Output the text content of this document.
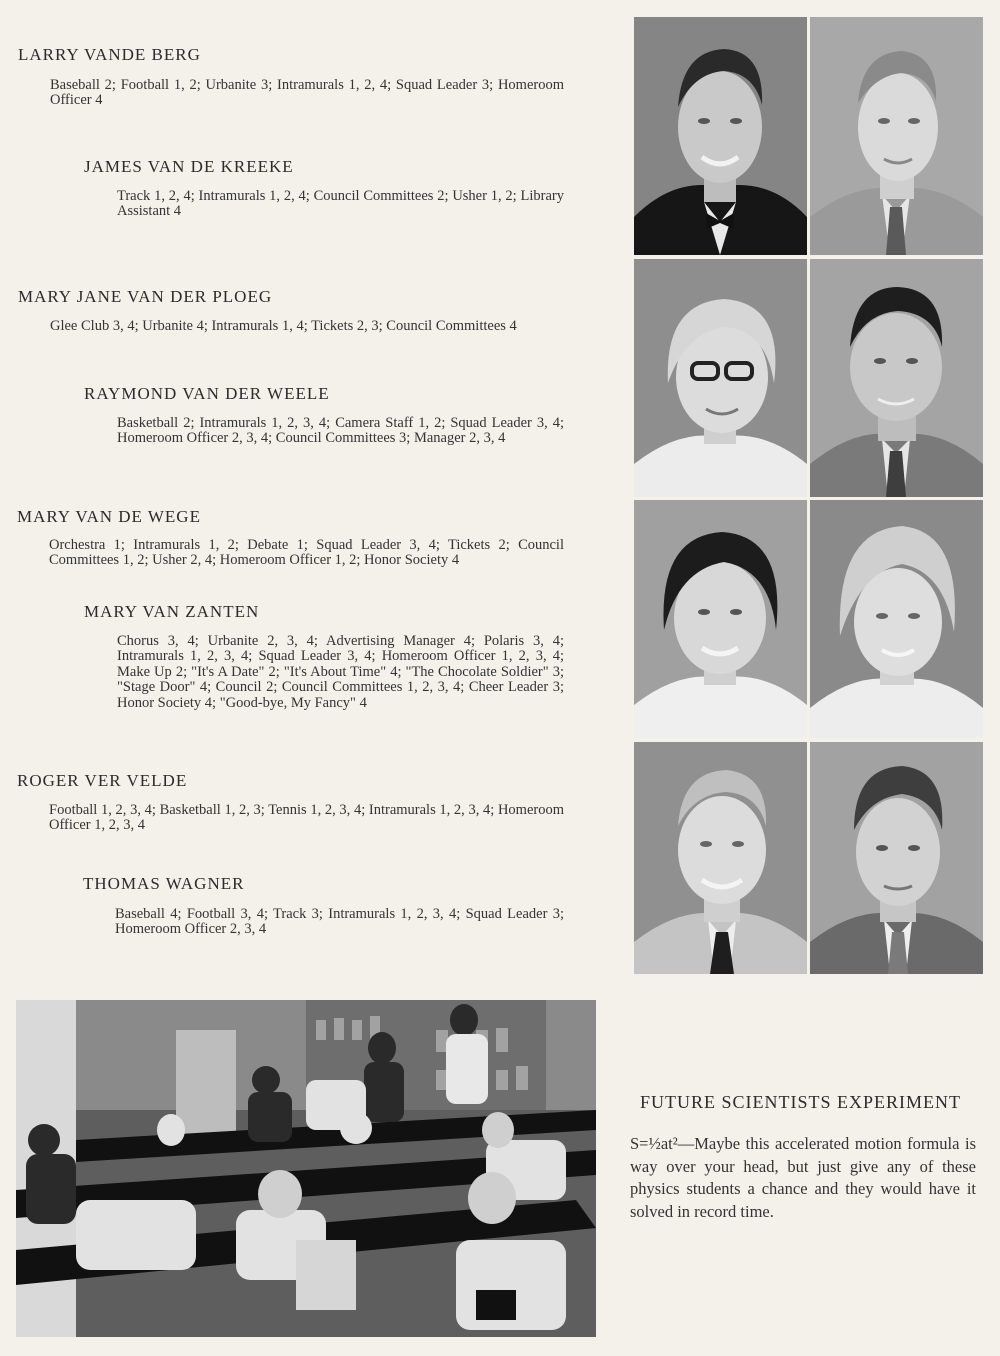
LARRY VANDE BERG
Baseball 2; Football 1, 2; Urbanite 3; Intramurals 1, 2, 4; Squad Leader 3; Homeroom Officer 4
JAMES VAN DE KREEKE
Track 1, 2, 4; Intramurals 1, 2, 4; Council Committees 2; Usher 1, 2; Library Assistant 4
MARY JANE VAN DER PLOEG
Glee Club 3, 4; Urbanite 4; Intramurals 1, 4; Tickets 2, 3; Council Committees 4
RAYMOND VAN DER WEELE
Basketball 2; Intramurals 1, 2, 3, 4; Camera Staff 1, 2; Squad Leader 3, 4; Homeroom Officer 2, 3, 4; Council Committees 3; Manager 2, 3, 4
MARY VAN DE WEGE
Orchestra 1; Intramurals 1, 2; Debate 1; Squad Leader 3, 4; Tickets 2; Council Committees 1, 2; Usher 2, 4; Homeroom Officer 1, 2; Honor Society 4
MARY VAN ZANTEN
Chorus 3, 4; Urbanite 2, 3, 4; Advertising Manager 4; Polaris 3, 4; Intramurals 1, 2, 3, 4; Squad Leader 3, 4; Homeroom Officer 1, 2, 3, 4; Make Up 2; "It's A Date" 2; "It's About Time" 4; "The Chocolate Soldier" 3; "Stage Door" 4; Council 2; Council Committees 1, 2, 3, 4; Cheer Leader 3; Honor Society 4; "Good-bye, My Fancy" 4
ROGER VER VELDE
Football 1, 2, 3, 4; Basketball 1, 2, 3; Tennis 1, 2, 3, 4; Intramurals 1, 2, 3, 4; Homeroom Officer 1, 2, 3, 4
THOMAS WAGNER
Baseball 4; Football 3, 4; Track 3; Intramurals 1, 2, 3, 4; Squad Leader 3; Homeroom Officer 2, 3, 4
FUTURE SCIENTISTS EXPERIMENT
S=½at²—Maybe this accelerated motion formula is way over your head, but just give any of these physics students a chance and they would have it solved in record time.
